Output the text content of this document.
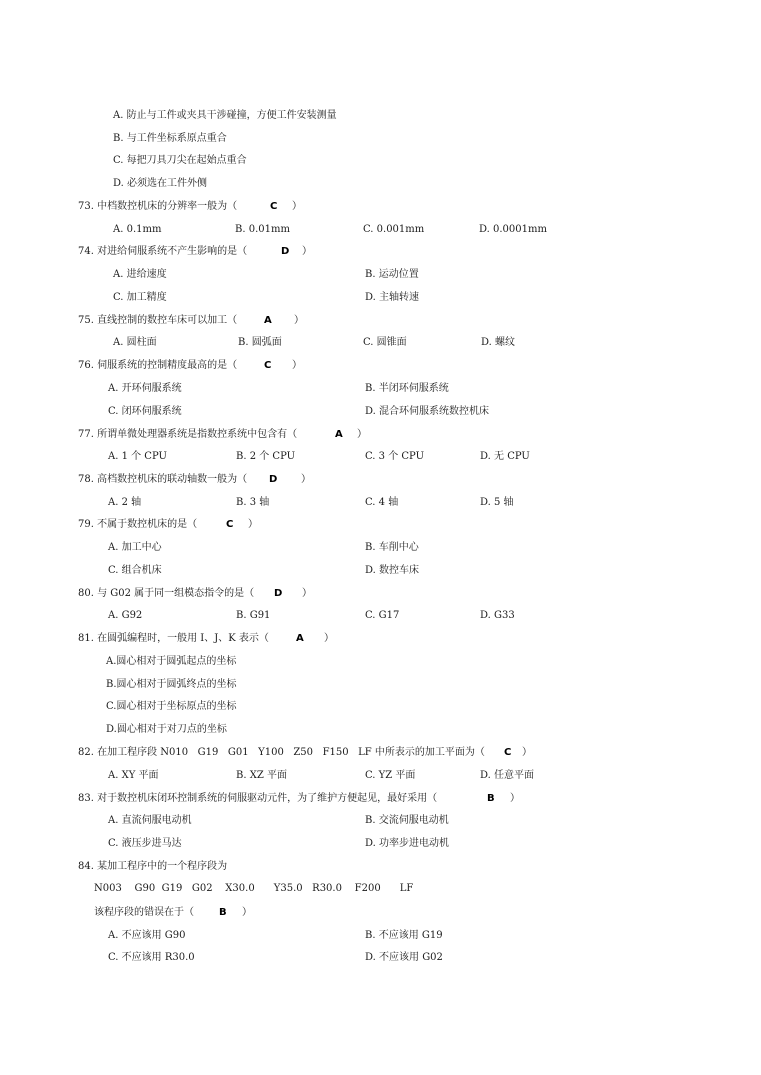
A. 防止与工件或夹具干涉碰撞，方便工件安装测量
B. 与工件坐标系原点重合
C. 每把刀具刀尖在起始点重合
D. 必须选在工件外侧
73. 中档数控机床的分辨率一般为（	C ）
A. 0.1mm	B. 0.01mm	C. 0.001mm	D. 0.0001mm
74. 对进给伺服系统不产生影响的是（	D ）
A. 进给速度	B. 运动位置
C. 加工精度	D. 主轴转速
75. 直线控制的数控车床可以加工（	A ）
A. 圆柱面	B. 圆弧面	C. 圆锥面	D. 螺纹
76. 伺服系统的控制精度最高的是（	C ）
A. 开环伺服系统	B. 半闭环伺服系统
C. 闭环伺服系统	D. 混合环伺服系统数控机床
77. 所谓单微处理器系统是指数控系统中包含有（	A ）
A. 1 个 CPU	B. 2 个 CPU	C. 3 个 CPU	D. 无 CPU
78. 高档数控机床的联动轴数一般为（ D ）
A. 2 轴	B. 3 轴	C. 4 轴	D. 5 轴
79. 不属于数控机床的是（	C ）
A. 加工中心	B. 车削中心
C. 组合机床	D. 数控车床
80. 与 G02 属于同一组模态指令的是（ D ）
A. G92	B. G91	C. G17	D. G33
81. 在圆弧编程时，一般用 I、J、K 表示（	A ）
A.圆心相对于圆弧起点的坐标
B.圆心相对于圆弧终点的坐标
C.圆心相对于坐标原点的坐标
D.圆心相对于对刀点的坐标
82. 在加工程序段 N010   G19   G01   Y100   Z50   F150   LF 中所表示的加工平面为（ C ）
A. XY 平面	B. XZ 平面	C. YZ 平面	D. 任意平面
83. 对于数控机床闭环控制系统的伺服驱动元件，为了维护方便起见，最好采用（	B ）
A. 直流伺服电动机	B. 交流伺服电动机
C. 液压步进马达	D. 功率步进电动机
84. 某加工程序中的一个程序段为
N003    G90  G19   G02    X30.0      Y35.0   R30.0    F200      LF
该程序段的错误在于（	B ）
A. 不应该用 G90	B. 不应该用 G19
C. 不应该用 R30.0	D. 不应该用 G02
